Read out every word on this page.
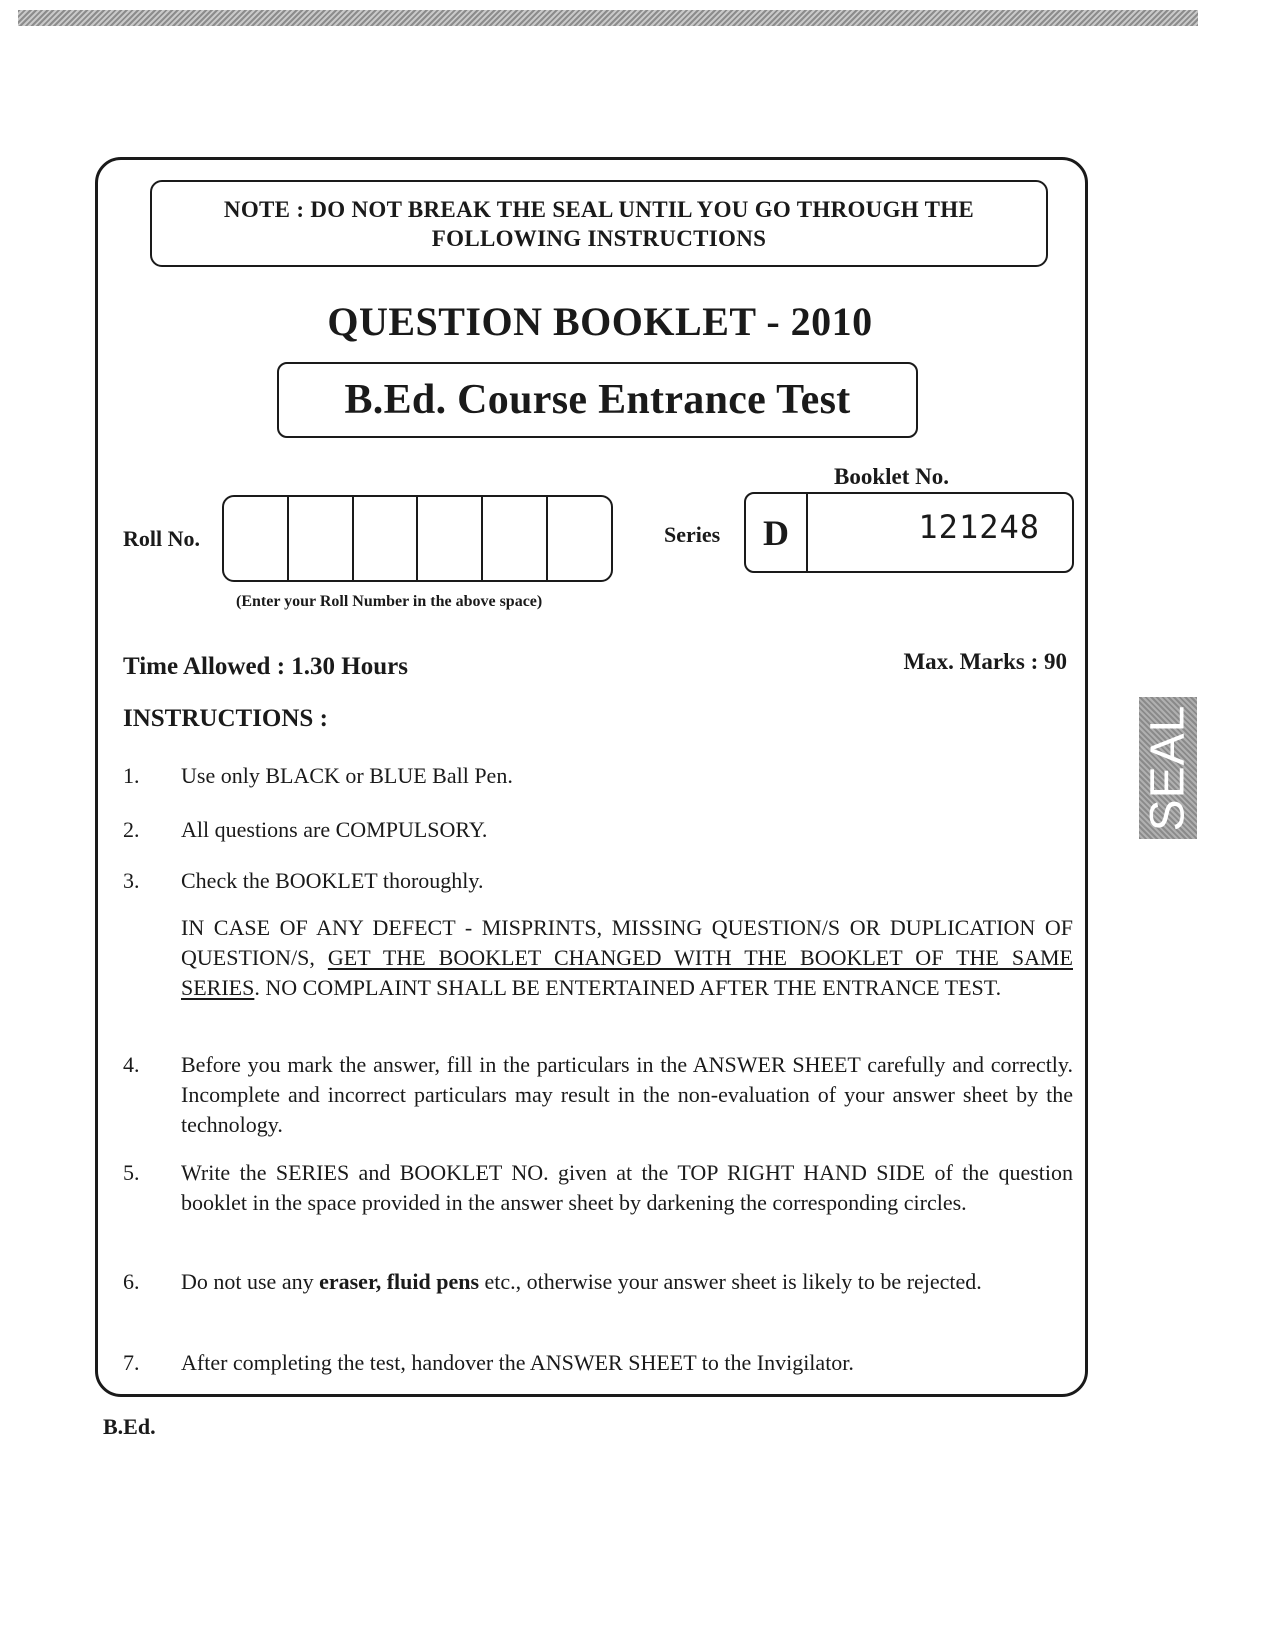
NOTE : DO NOT BREAK THE SEAL UNTIL YOU GO THROUGH THE
FOLLOWING INSTRUCTIONS
QUESTION BOOKLET - 2010
B.Ed. Course Entrance Test
Booklet No.
Roll No.
(Enter your Roll Number in the above space)
Series	D	121248
Time Allowed : 1.30 Hours	Max. Marks : 90
INSTRUCTIONS :
1. Use only BLACK or BLUE Ball Pen.
2. All questions are COMPULSORY.
3. Check the BOOKLET thoroughly.
IN CASE OF ANY DEFECT - MISPRINTS, MISSING QUESTION/S OR DUPLICATION OF QUESTION/S, GET THE BOOKLET CHANGED WITH THE BOOKLET OF THE SAME SERIES. NO COMPLAINT SHALL BE ENTERTAINED AFTER THE ENTRANCE TEST.
4. Before you mark the answer, fill in the particulars in the ANSWER SHEET carefully and correctly. Incomplete and incorrect particulars may result in the non-evaluation of your answer sheet by the technology.
5. Write the SERIES and BOOKLET NO. given at the TOP RIGHT HAND SIDE of the question booklet in the space provided in the answer sheet by darkening the corresponding circles.
6. Do not use any eraser, fluid pens etc., otherwise your answer sheet is likely to be rejected.
7. After completing the test, handover the ANSWER SHEET to the Invigilator.
B.Ed.
SEAL
